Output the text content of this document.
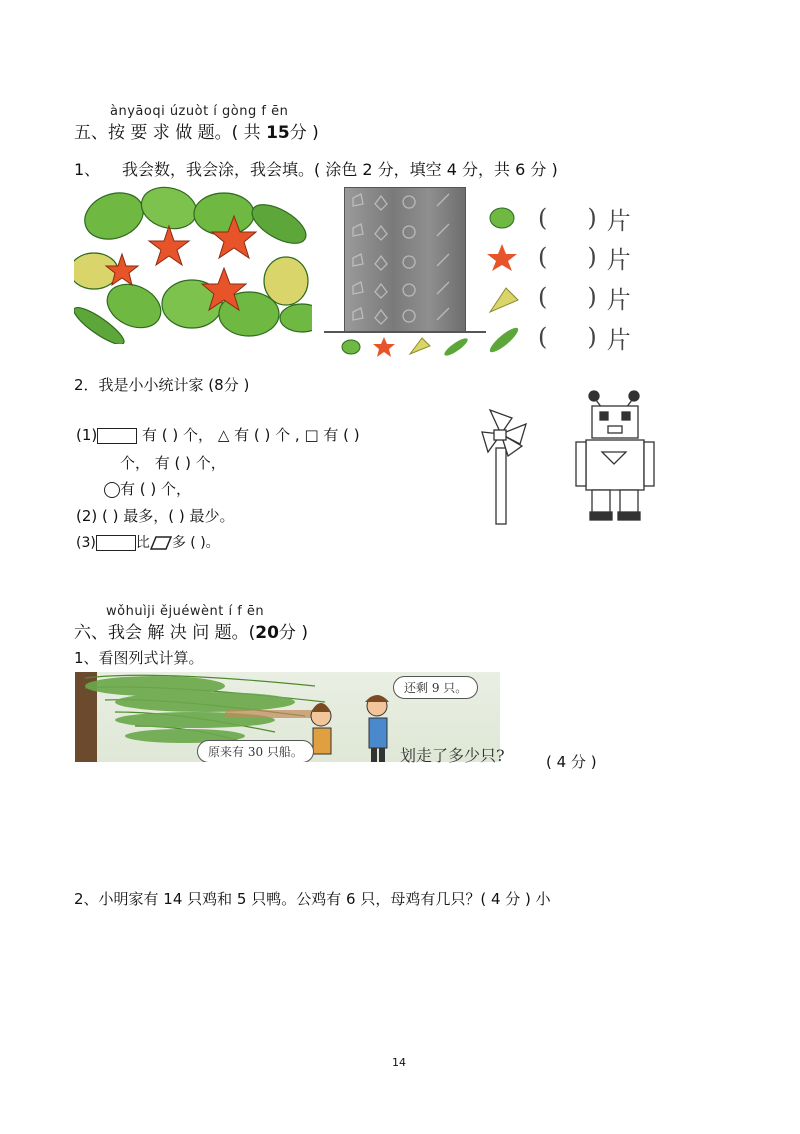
ànyāoqi úzuòt í gòng f ēn
五、按 要 求 做 题。( 共 15分 )
1、 我会数，我会涂，我会填。( 涂色 2 分，填空 4 分，共 6 分 )
( ) 片
( ) 片
( ) 片
( ) 片
2．我是小小统计家 (8分 )
(1)	有 ( ) 个， △ 有 ( ) 个 , □ 有 ( )
个， 有 ( ) 个，
有 ( ) 个，
(2) ( ) 最多，( ) 最少。
(3)	比 多 ( )。
wǒhuìji ějuéwènt í f ēn
六、我会 解 决 问 题。(20分 )
1、看图列式计算。
原来有 30 只船。
还剩 9 只。
划走了多少只?	( 4 分 )
2、小明家有 14 只鸡和 5 只鸭。公鸡有 6 只，母鸡有几只？( 4 分 ) 小
14
